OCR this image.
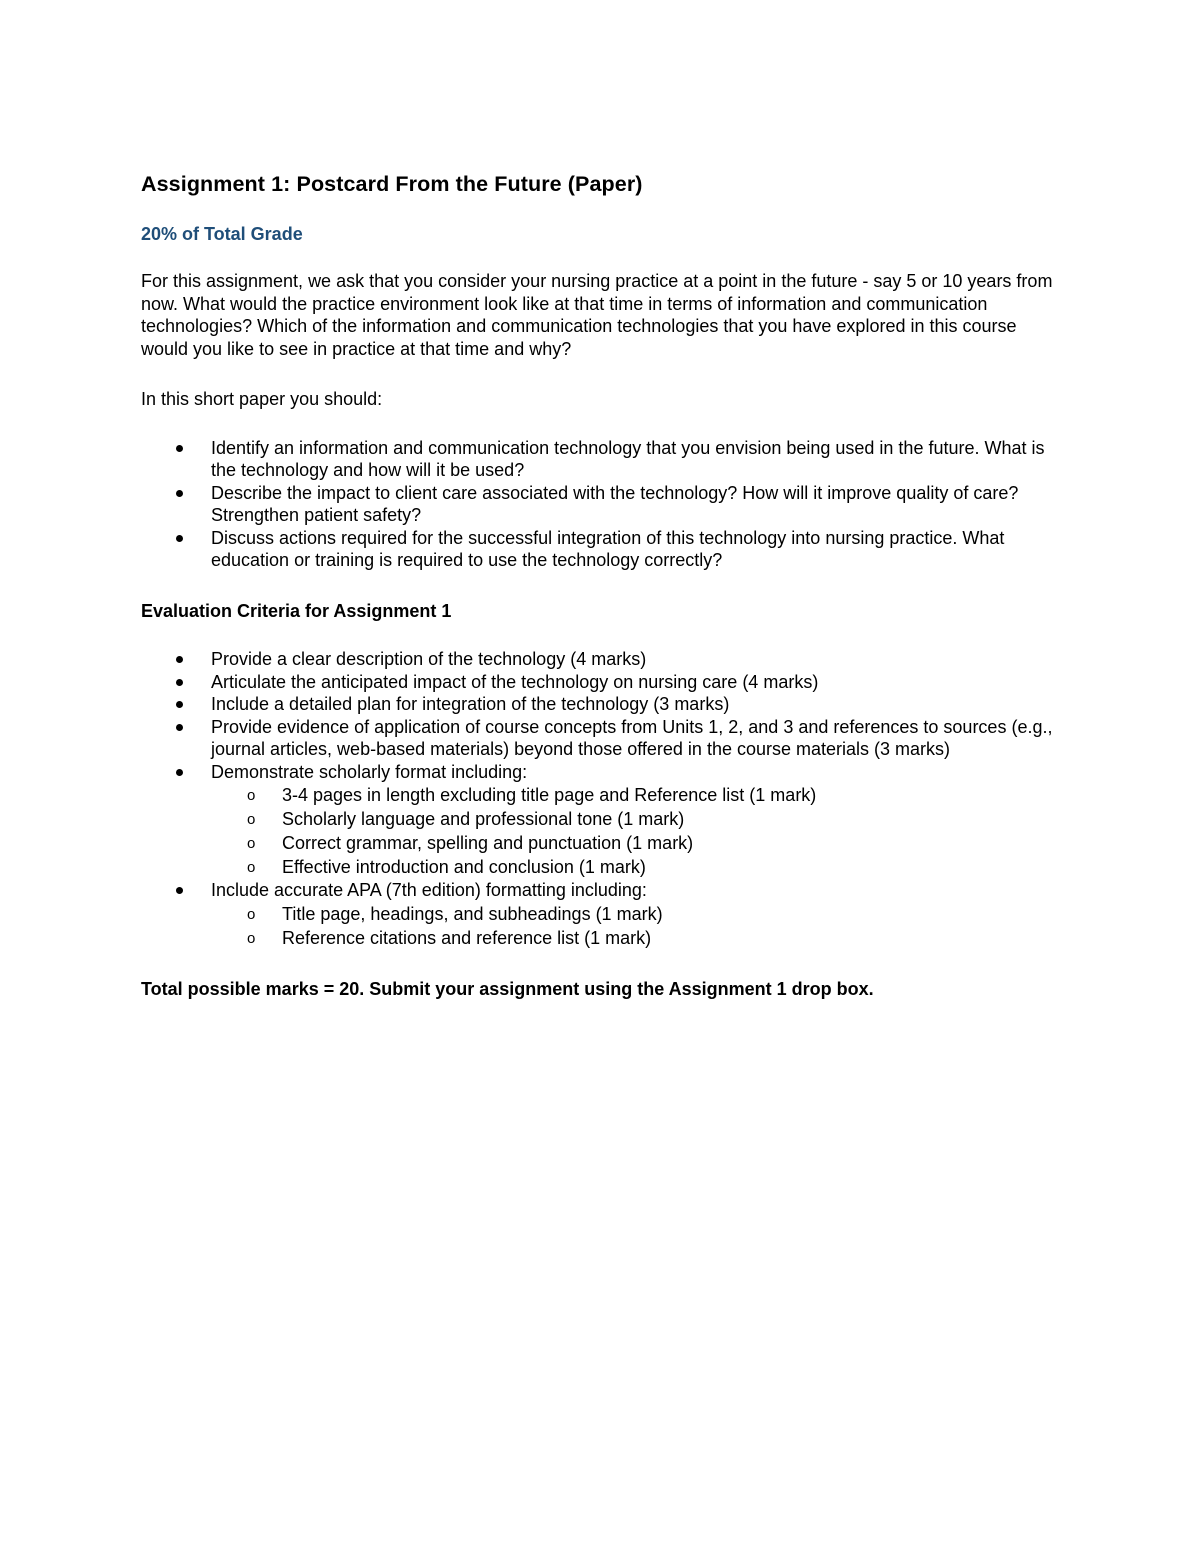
Assignment 1: Postcard From the Future (Paper)

20% of Total Grade

For this assignment, we ask that you consider your nursing practice at a point in the future - say 5 or 10 years from now. What would the practice environment look like at that time in terms of information and communication technologies? Which of the information and communication technologies that you have explored in this course would you like to see in practice at that time and why?

In this short paper you should:

Identify an information and communication technology that you envision being used in the future. What is the technology and how will it be used?
Describe the impact to client care associated with the technology? How will it improve quality of care? Strengthen patient safety?
Discuss actions required for the successful integration of this technology into nursing practice. What education or training is required to use the technology correctly?

Evaluation Criteria for Assignment 1

Provide a clear description of the technology (4 marks)
Articulate the anticipated impact of the technology on nursing care (4 marks)
Include a detailed plan for integration of the technology (3 marks)
Provide evidence of application of course concepts from Units 1, 2, and 3 and references to sources (e.g., journal articles, web-based materials) beyond those offered in the course materials (3 marks)
Demonstrate scholarly format including:
o 3-4 pages in length excluding title page and Reference list (1 mark)
o Scholarly language and professional tone (1 mark)
o Correct grammar, spelling and punctuation (1 mark)
o Effective introduction and conclusion (1 mark)
Include accurate APA (7th edition) formatting including:
o Title page, headings, and subheadings (1 mark)
o Reference citations and reference list (1 mark)

Total possible marks = 20. Submit your assignment using the Assignment 1 drop box.
